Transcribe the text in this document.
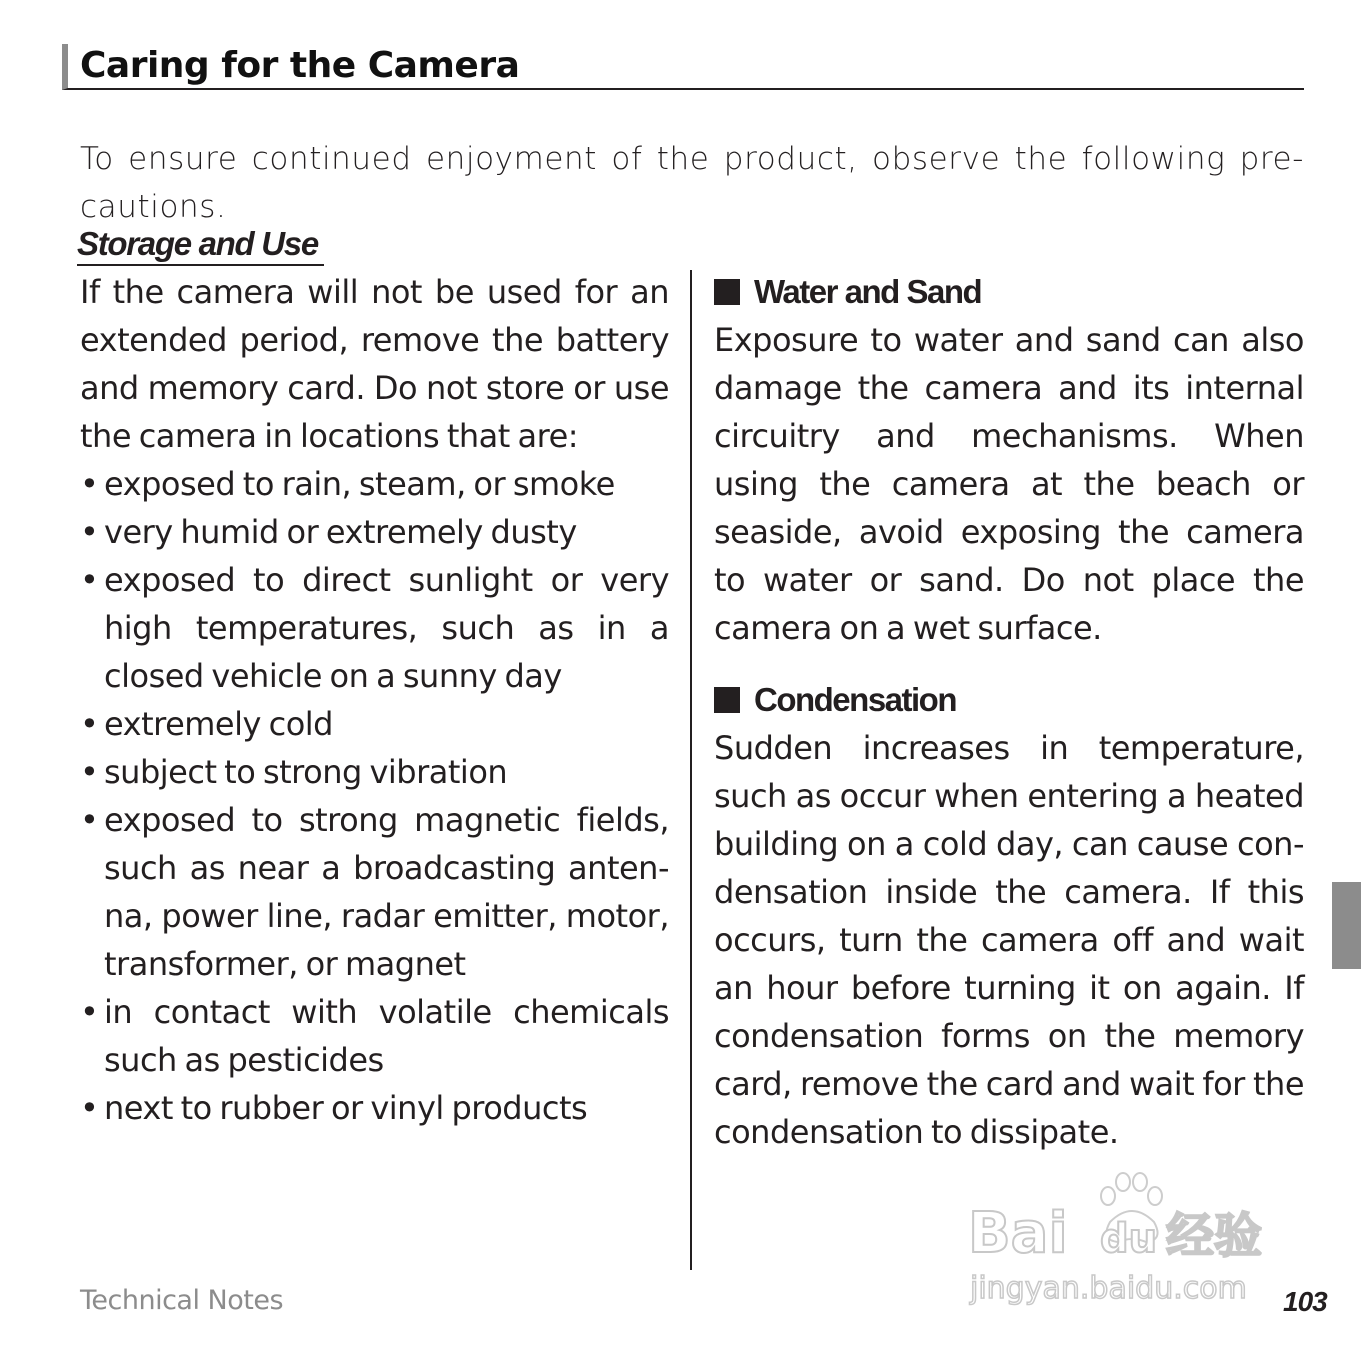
Caring for the Camera

To ensure continued enjoyment of the product, observe the following pre-cautions.

Storage and Use

If the camera will not be used for an extended period, remove the battery and memory card. Do not store or use the camera in locations that are:

• exposed to rain, steam, or smoke
• very humid or extremely dusty
• exposed to direct sunlight or very high temperatures, such as in a closed vehicle on a sunny day
• extremely cold
• subject to strong vibration
• exposed to strong magnetic fields, such as near a broadcasting anten-na, power line, radar emitter, motor, transformer, or magnet
• in contact with volatile chemicals such as pesticides
• next to rubber or vinyl products
Water and Sand

Exposure to water and sand can also damage the camera and its internal circuitry and mechanisms. When using the camera at the beach or seaside, avoid exposing the camera to water or sand. Do not place the camera on a wet surface.

Condensation

Sudden increases in temperature, such as occur when entering a heated building on a cold day, can cause con-densation inside the camera. If this occurs, turn the camera off and wait an hour before turning it on again. If condensation forms on the memory card, remove the card and wait for the condensation to dissipate.

Bai du 经验
jingyan.baidu.com
Technical Notes	103
